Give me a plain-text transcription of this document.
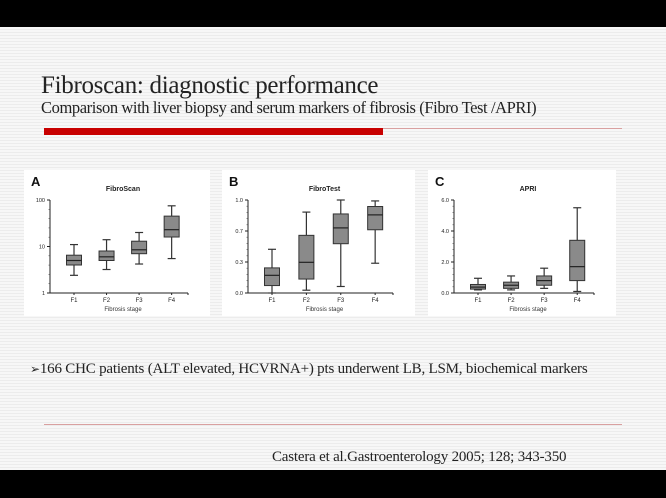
Fibroscan: diagnostic performance
Comparison with liver biopsy and serum markers of fibrosis (Fibro Test /APRI)
A
FibroScan
1
10
100
F1	F2	F3	F4
Fibrosis stage
B
FibroTest
0.0
0.3
0.7
1.0
F1	F2	F3	F4
Fibrosis stage
C
APRI
0.0
2.0
4.0
6.0
F1	F2	F3	F4
Fibrosis stage
➢166 CHC patients (ALT elevated, HCVRNA+) pts underwent LB, LSM, biochemical markers
Castera et al.Gastroenterology 2005; 128; 343-350
